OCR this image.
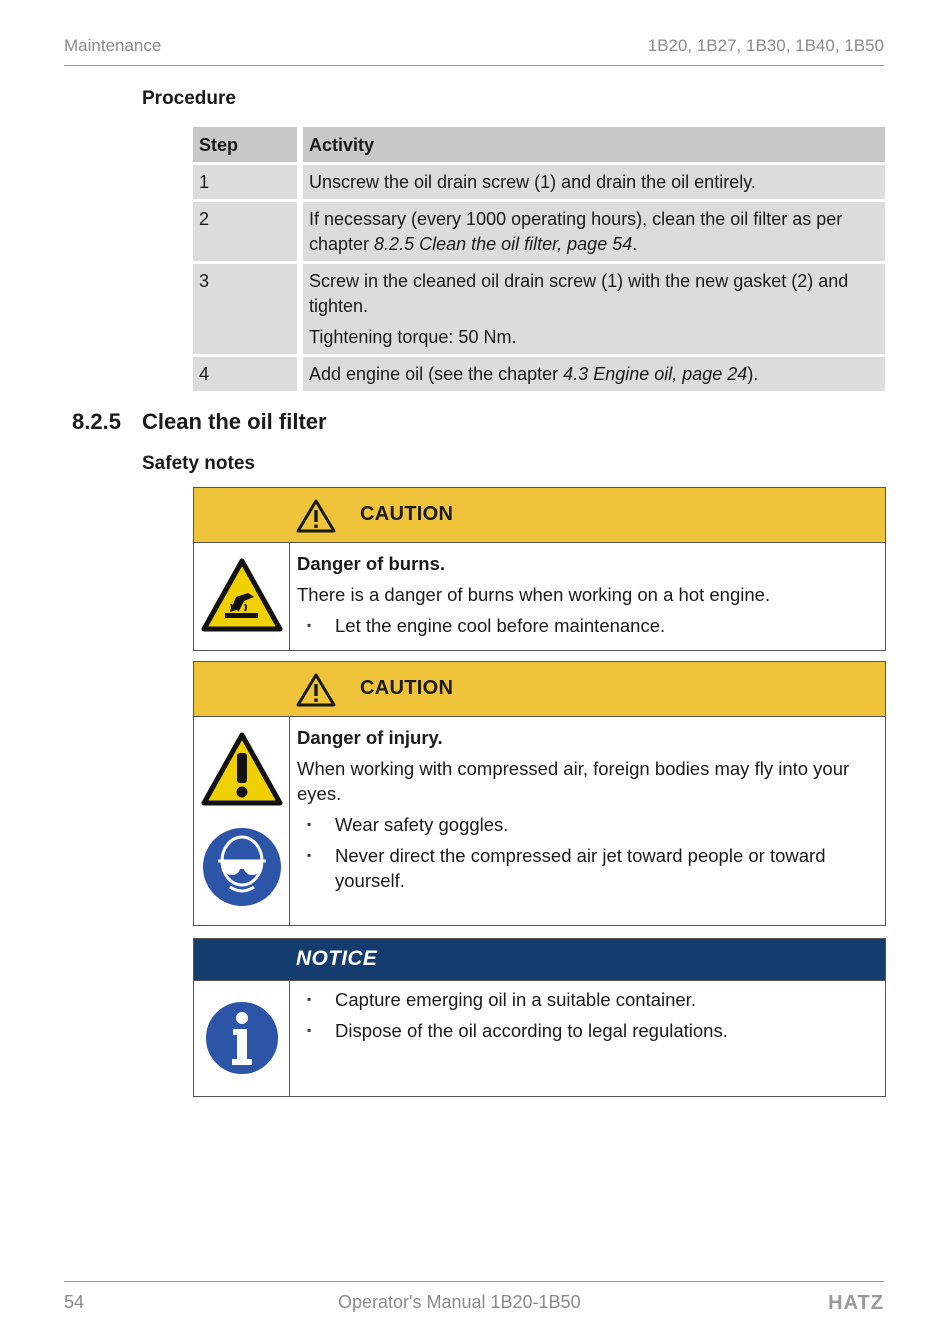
Maintenance	1B20, 1B27, 1B30, 1B40, 1B50
Procedure
Step		Activity
1		Unscrew the oil drain screw (1) and drain the oil entirely.
2		If necessary (every 1000 operating hours), clean the oil filter as per chapter 8.2.5 Clean the oil filter, page 54.
3		Screw in the cleaned oil drain screw (1) with the new gasket (2) and tighten.

Tightening torque: 50 Nm.

4		Add engine oil (see the chapter 4.3 Engine oil, page 24).
8.2.5 Clean the oil filter
Safety notes
CAUTION
Danger of burns.
There is a danger of burns when working on a hot engine.
▪ Let the engine cool before maintenance.
CAUTION
Danger of injury.
When working with compressed air, foreign bodies may fly into your eyes.
▪ Wear safety goggles.
▪ Never direct the compressed air jet toward people or toward yourself.
NOTICE
▪ Capture emerging oil in a suitable container.
▪ Dispose of the oil according to legal regulations.
54	Operator's Manual 1B20-1B50	HATZ
